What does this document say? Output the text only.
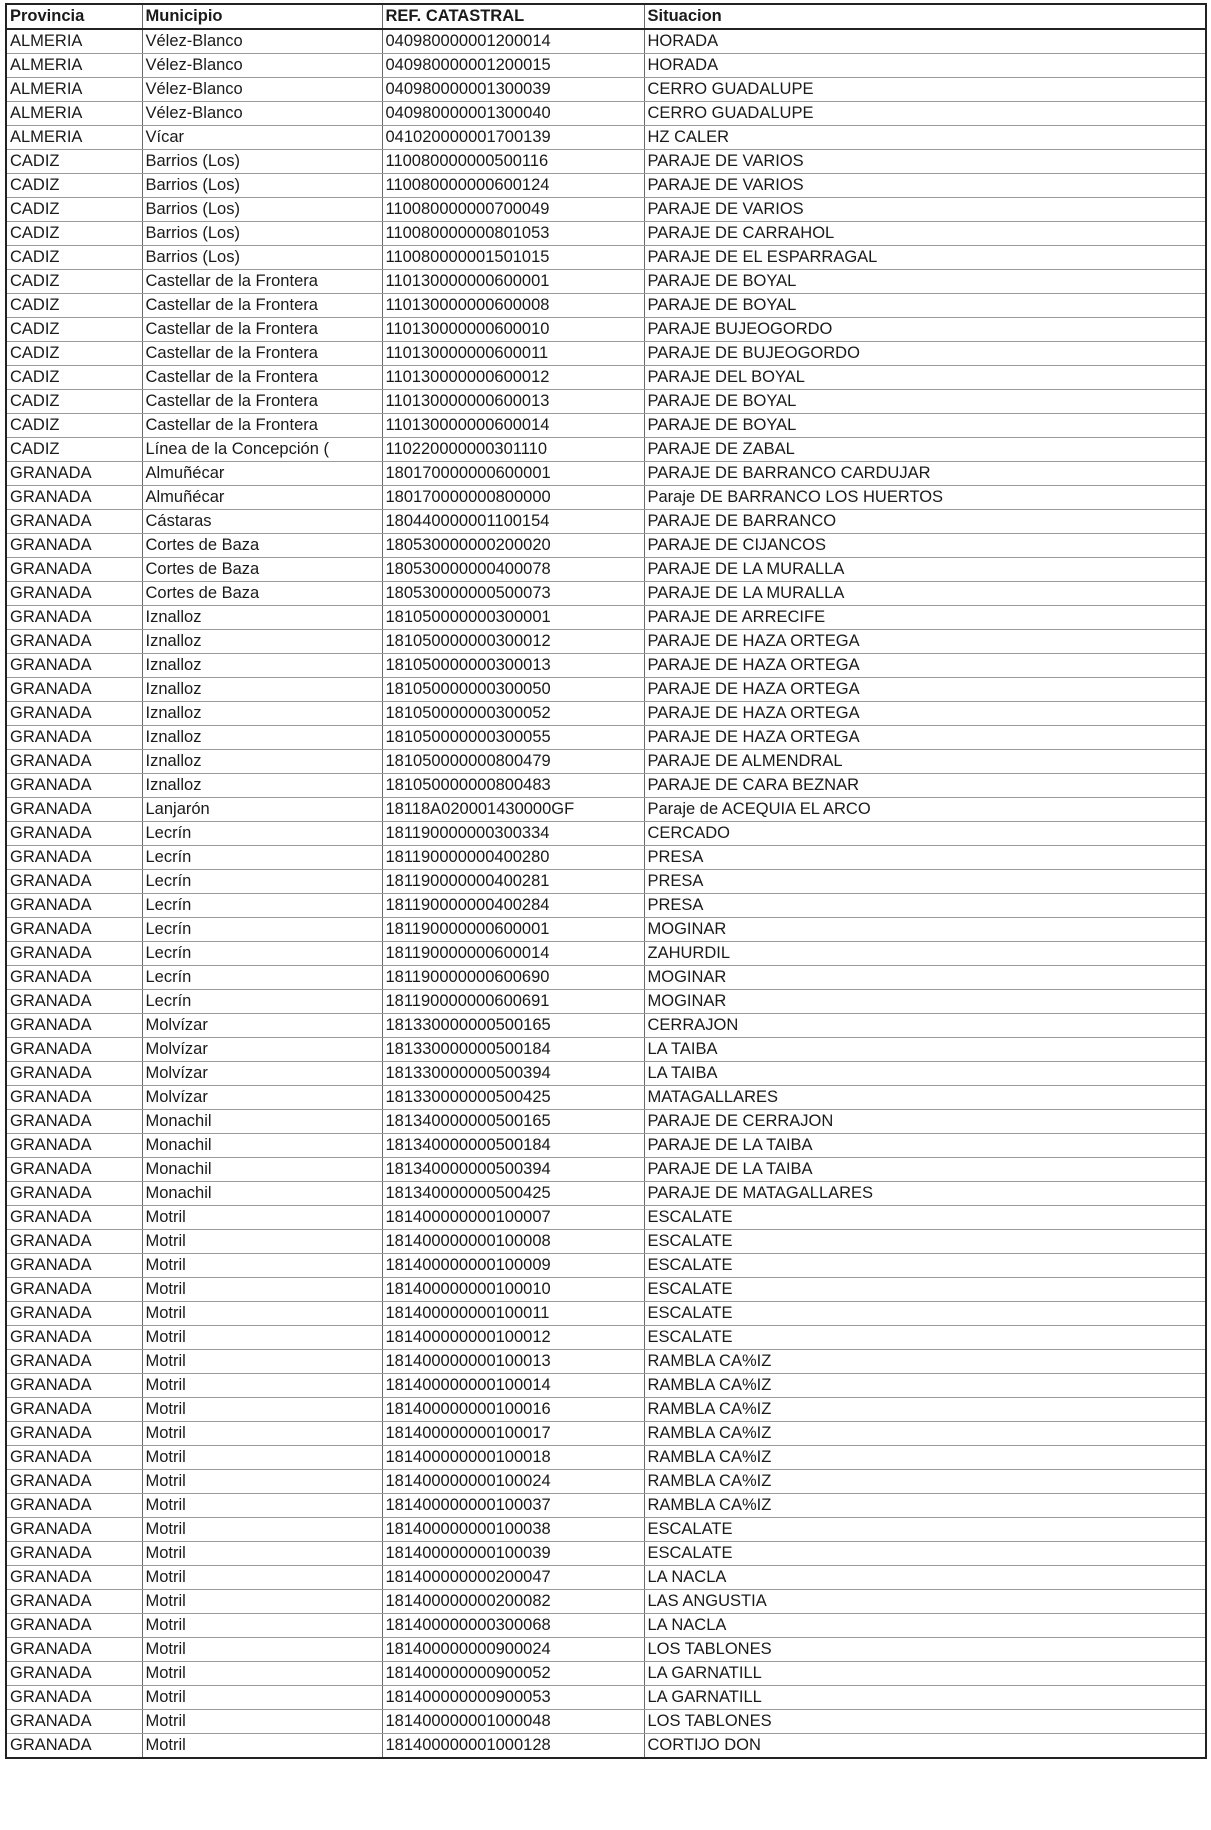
Provincia	Municipio	REF. CATASTRAL	Situacion
ALMERIA	Vélez-Blanco	040980000001200014	HORADA
ALMERIA	Vélez-Blanco	040980000001200015	HORADA
ALMERIA	Vélez-Blanco	040980000001300039	CERRO GUADALUPE
ALMERIA	Vélez-Blanco	040980000001300040	CERRO GUADALUPE
ALMERIA	Vícar	041020000001700139	HZ CALER
CADIZ	Barrios (Los)	110080000000500116	PARAJE DE VARIOS
CADIZ	Barrios (Los)	110080000000600124	PARAJE DE VARIOS
CADIZ	Barrios (Los)	110080000000700049	PARAJE DE VARIOS
CADIZ	Barrios (Los)	110080000000801053	PARAJE DE CARRAHOL
CADIZ	Barrios (Los)	110080000001501015	PARAJE DE EL ESPARRAGAL
CADIZ	Castellar de la Frontera	110130000000600001	PARAJE DE BOYAL
CADIZ	Castellar de la Frontera	110130000000600008	PARAJE DE BOYAL
CADIZ	Castellar de la Frontera	110130000000600010	PARAJE BUJEOGORDO
CADIZ	Castellar de la Frontera	110130000000600011	PARAJE DE BUJEOGORDO
CADIZ	Castellar de la Frontera	110130000000600012	PARAJE DEL BOYAL
CADIZ	Castellar de la Frontera	110130000000600013	PARAJE DE BOYAL
CADIZ	Castellar de la Frontera	110130000000600014	PARAJE DE BOYAL
CADIZ	Línea de la Concepción (	110220000000301110	PARAJE DE ZABAL
GRANADA	Almuñécar	180170000000600001	PARAJE DE BARRANCO CARDUJAR
GRANADA	Almuñécar	180170000000800000	Paraje DE BARRANCO LOS HUERTOS
GRANADA	Cástaras	180440000001100154	PARAJE DE BARRANCO
GRANADA	Cortes de Baza	180530000000200020	PARAJE DE CIJANCOS
GRANADA	Cortes de Baza	180530000000400078	PARAJE DE LA MURALLA
GRANADA	Cortes de Baza	180530000000500073	PARAJE DE LA MURALLA
GRANADA	Iznalloz	181050000000300001	PARAJE DE ARRECIFE
GRANADA	Iznalloz	181050000000300012	PARAJE DE HAZA ORTEGA
GRANADA	Iznalloz	181050000000300013	PARAJE DE HAZA ORTEGA
GRANADA	Iznalloz	181050000000300050	PARAJE DE HAZA ORTEGA
GRANADA	Iznalloz	181050000000300052	PARAJE DE HAZA ORTEGA
GRANADA	Iznalloz	181050000000300055	PARAJE DE HAZA ORTEGA
GRANADA	Iznalloz	181050000000800479	PARAJE DE ALMENDRAL
GRANADA	Iznalloz	181050000000800483	PARAJE DE CARA BEZNAR
GRANADA	Lanjarón	18118A020001430000GF	Paraje de ACEQUIA EL ARCO
GRANADA	Lecrín	181190000000300334	CERCADO
GRANADA	Lecrín	181190000000400280	PRESA
GRANADA	Lecrín	181190000000400281	PRESA
GRANADA	Lecrín	181190000000400284	PRESA
GRANADA	Lecrín	181190000000600001	MOGINAR
GRANADA	Lecrín	181190000000600014	ZAHURDIL
GRANADA	Lecrín	181190000000600690	MOGINAR
GRANADA	Lecrín	181190000000600691	MOGINAR
GRANADA	Molvízar	181330000000500165	CERRAJON
GRANADA	Molvízar	181330000000500184	LA TAIBA
GRANADA	Molvízar	181330000000500394	LA TAIBA
GRANADA	Molvízar	181330000000500425	MATAGALLARES
GRANADA	Monachil	181340000000500165	PARAJE DE CERRAJON
GRANADA	Monachil	181340000000500184	PARAJE DE LA TAIBA
GRANADA	Monachil	181340000000500394	PARAJE DE LA TAIBA
GRANADA	Monachil	181340000000500425	PARAJE DE MATAGALLARES
GRANADA	Motril	181400000000100007	ESCALATE
GRANADA	Motril	181400000000100008	ESCALATE
GRANADA	Motril	181400000000100009	ESCALATE
GRANADA	Motril	181400000000100010	ESCALATE
GRANADA	Motril	181400000000100011	ESCALATE
GRANADA	Motril	181400000000100012	ESCALATE
GRANADA	Motril	181400000000100013	RAMBLA CA%IZ
GRANADA	Motril	181400000000100014	RAMBLA CA%IZ
GRANADA	Motril	181400000000100016	RAMBLA CA%IZ
GRANADA	Motril	181400000000100017	RAMBLA CA%IZ
GRANADA	Motril	181400000000100018	RAMBLA CA%IZ
GRANADA	Motril	181400000000100024	RAMBLA CA%IZ
GRANADA	Motril	181400000000100037	RAMBLA CA%IZ
GRANADA	Motril	181400000000100038	ESCALATE
GRANADA	Motril	181400000000100039	ESCALATE
GRANADA	Motril	181400000000200047	LA NACLA
GRANADA	Motril	181400000000200082	LAS ANGUSTIA
GRANADA	Motril	181400000000300068	LA NACLA
GRANADA	Motril	181400000000900024	LOS TABLONES
GRANADA	Motril	181400000000900052	LA GARNATILL
GRANADA	Motril	181400000000900053	LA GARNATILL
GRANADA	Motril	181400000001000048	LOS TABLONES
GRANADA	Motril	181400000001000128	CORTIJO DON
